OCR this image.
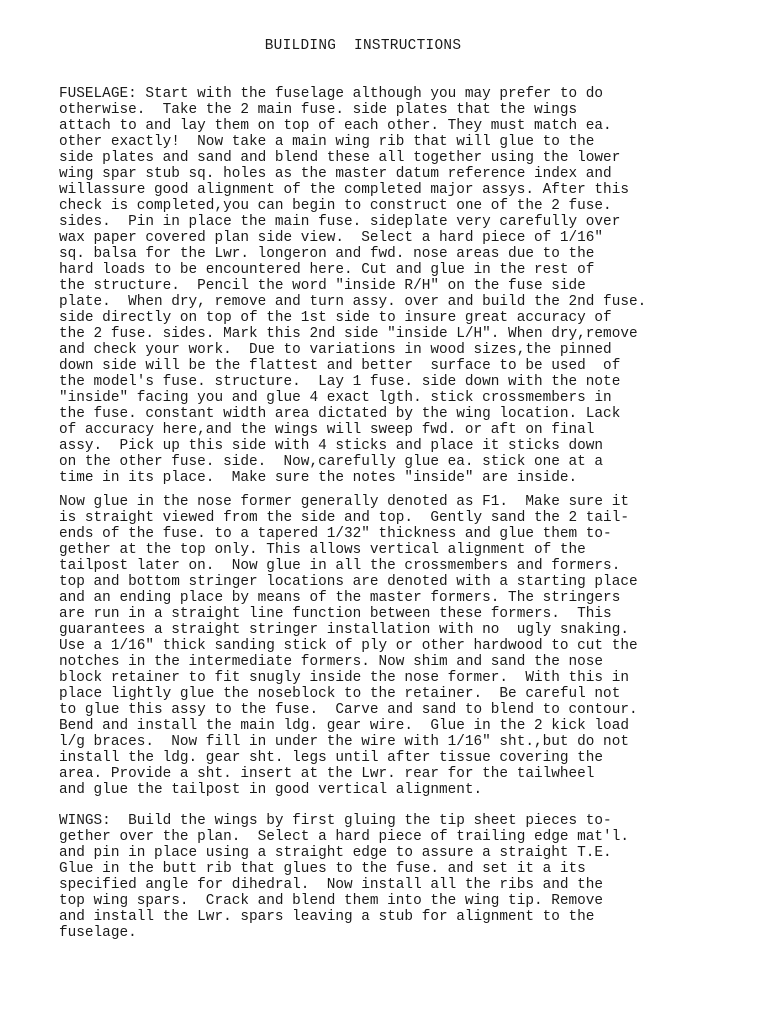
BUILDING  INSTRUCTIONS
FUSELAGE: Start with the fuselage although you may prefer to do
otherwise.  Take the 2 main fuse. side plates that the wings
attach to and lay them on top of each other. They must match ea.
other exactly!  Now take a main wing rib that will glue to the
side plates and sand and blend these all together using the lower
wing spar stub sq. holes as the master datum reference index and
willassure good alignment of the completed major assys. After this
check is completed,you can begin to construct one of the 2 fuse.
sides.  Pin in place the main fuse. sideplate very carefully over
wax paper covered plan side view.  Select a hard piece of 1/16"
sq. balsa for the Lwr. longeron and fwd. nose areas due to the
hard loads to be encountered here. Cut and glue in the rest of
the structure.  Pencil the word "inside R/H" on the fuse side
plate.  When dry, remove and turn assy. over and build the 2nd fuse.
side directly on top of the 1st side to insure great accuracy of
the 2 fuse. sides. Mark this 2nd side "inside L/H". When dry,remove
and check your work.  Due to variations in wood sizes,the pinned
down side will be the flattest and better  surface to be used  of
the model's fuse. structure.  Lay 1 fuse. side down with the note
"inside" facing you and glue 4 exact lgth. stick crossmembers in
the fuse. constant width area dictated by the wing location. Lack
of accuracy here,and the wings will sweep fwd. or aft on final
assy.  Pick up this side with 4 sticks and place it sticks down
on the other fuse. side.  Now,carefully glue ea. stick one at a
time in its place.  Make sure the notes "inside" are inside.
Now glue in the nose former generally denoted as F1.  Make sure it
is straight viewed from the side and top.  Gently sand the 2 tail-
ends of the fuse. to a tapered 1/32" thickness and glue them to-
gether at the top only. This allows vertical alignment of the
tailpost later on.  Now glue in all the crossmembers and formers.
top and bottom stringer locations are denoted with a starting place
and an ending place by means of the master formers. The stringers
are run in a straight line function between these formers.  This
guarantees a straight stringer installation with no  ugly snaking.
Use a 1/16" thick sanding stick of ply or other hardwood to cut the
notches in the intermediate formers. Now shim and sand the nose
block retainer to fit snugly inside the nose former.  With this in
place lightly glue the noseblock to the retainer.  Be careful not
to glue this assy to the fuse.  Carve and sand to blend to contour.
Bend and install the main ldg. gear wire.  Glue in the 2 kick load
l/g braces.  Now fill in under the wire with 1/16" sht.,but do not
install the ldg. gear sht. legs until after tissue covering the
area. Provide a sht. insert at the Lwr. rear for the tailwheel
and glue the tailpost in good vertical alignment.
WINGS:  Build the wings by first gluing the tip sheet pieces to-
gether over the plan.  Select a hard piece of trailing edge mat'l.
and pin in place using a straight edge to assure a straight T.E.
Glue in the butt rib that glues to the fuse. and set it a its
specified angle for dihedral.  Now install all the ribs and the
top wing spars.  Crack and blend them into the wing tip. Remove
and install the Lwr. spars leaving a stub for alignment to the
fuselage.
